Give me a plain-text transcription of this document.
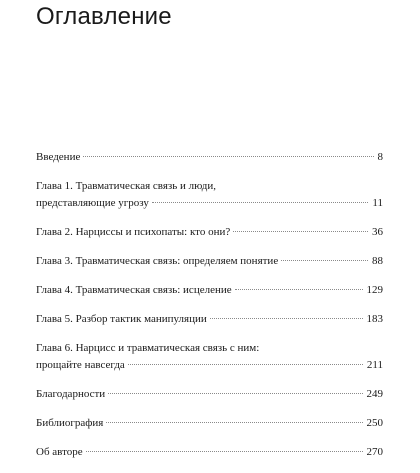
Оглавление
Введение	8
Глава 1. Травматическая связь и люди,
представляющие угрозу	11
Глава 2. Нарциссы и психопаты: кто они?	36
Глава 3. Травматическая связь: определяем понятие	88
Глава 4. Травматическая связь: исцеление	129
Глава 5. Разбор тактик манипуляции	183
Глава 6. Нарцисс и травматическая связь с ним:
прощайте навсегда	211
Благодарности	249
Библиография	250
Об авторе	270
